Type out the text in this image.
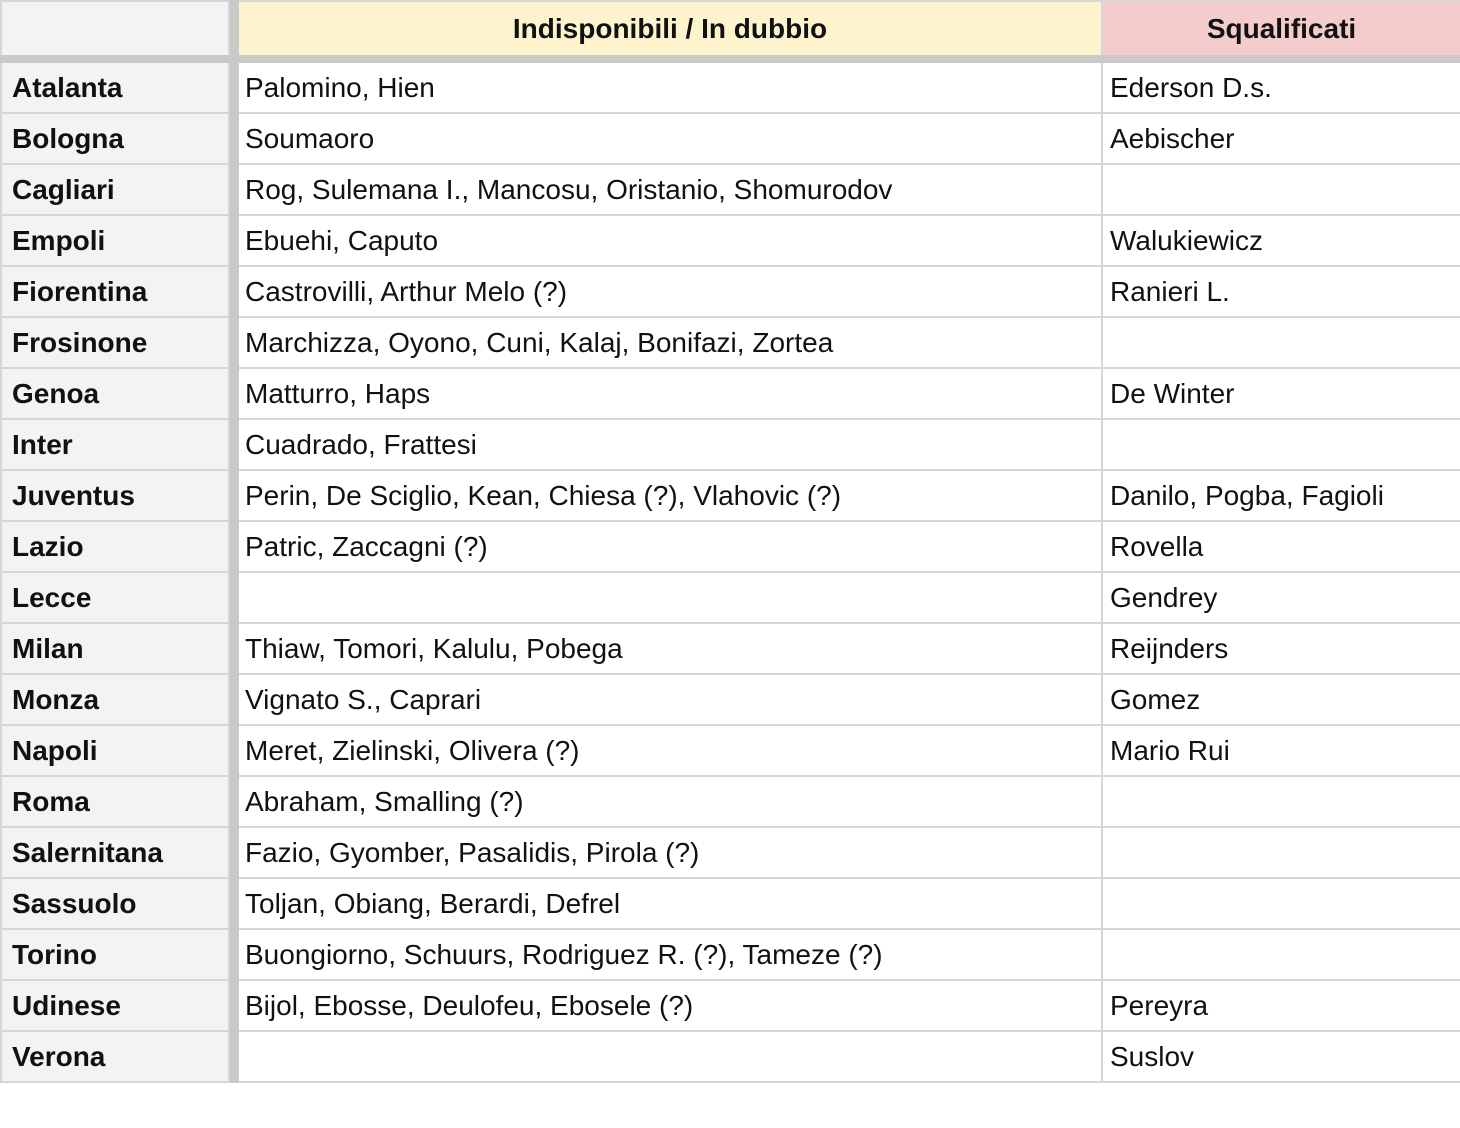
		Indisponibili / In dubbio	Squalificati
Atalanta		Palomino, Hien	Ederson D.s.
Bologna		Soumaoro	Aebischer
Cagliari		Rog, Sulemana I., Mancosu, Oristanio, Shomurodov	
Empoli		Ebuehi, Caputo	Walukiewicz
Fiorentina		Castrovilli, Arthur Melo (?)	Ranieri L.
Frosinone		Marchizza, Oyono, Cuni, Kalaj, Bonifazi, Zortea	
Genoa		Matturro, Haps	De Winter
Inter		Cuadrado, Frattesi	
Juventus		Perin, De Sciglio, Kean, Chiesa (?), Vlahovic (?)	Danilo, Pogba, Fagioli
Lazio		Patric, Zaccagni (?)	Rovella
Lecce			Gendrey
Milan		Thiaw, Tomori, Kalulu, Pobega	Reijnders
Monza		Vignato S., Caprari	Gomez
Napoli		Meret, Zielinski, Olivera (?)	Mario Rui
Roma		Abraham, Smalling (?)	
Salernitana		Fazio, Gyomber, Pasalidis, Pirola (?)	
Sassuolo		Toljan, Obiang, Berardi, Defrel	
Torino		Buongiorno, Schuurs, Rodriguez R. (?), Tameze (?)	
Udinese		Bijol, Ebosse, Deulofeu, Ebosele (?)	Pereyra
Verona			Suslov
